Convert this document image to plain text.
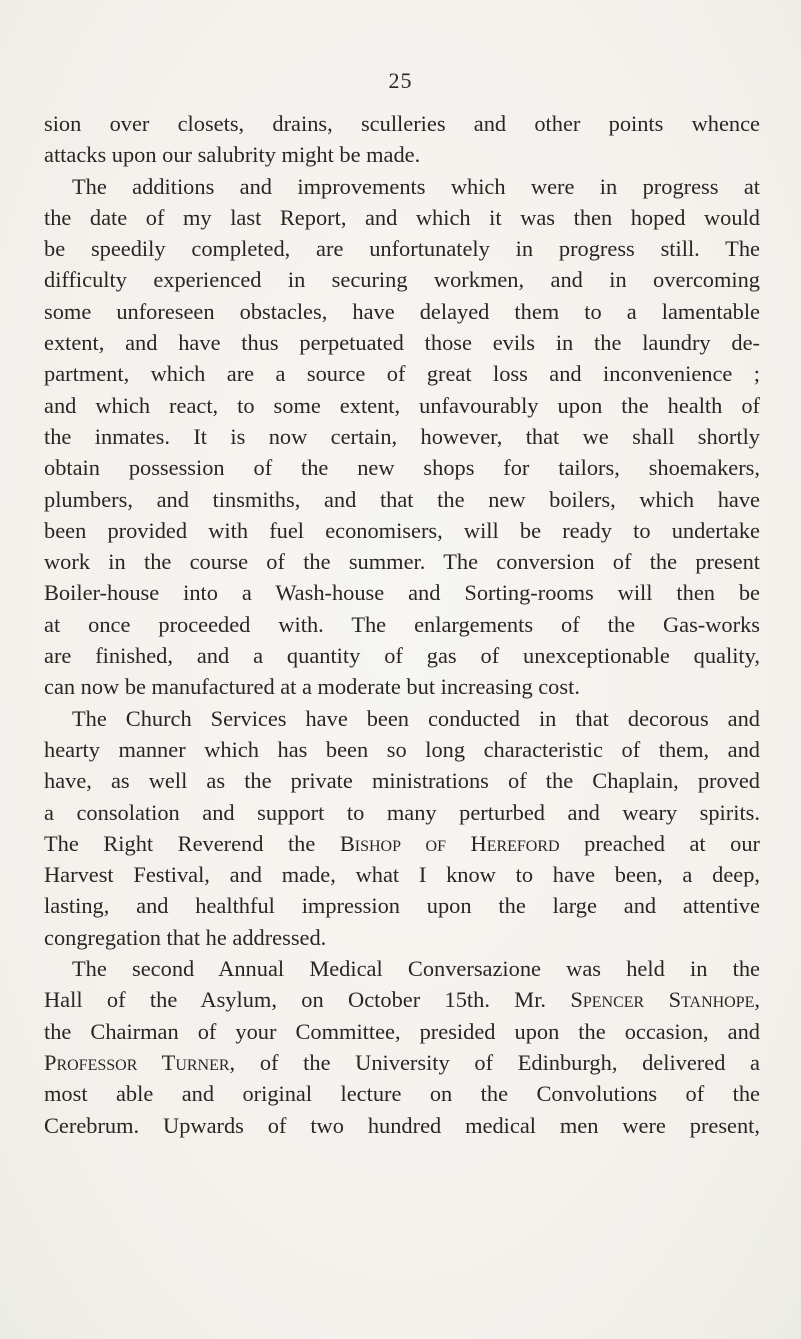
25
sion over closets, drains, sculleries and other points whence
attacks upon our salubrity might be made.
The additions and improvements which were in progress at
the date of my last Report, and which it was then hoped would
be speedily completed, are unfortunately in progress still. The
difficulty experienced in securing workmen, and in overcoming
some unforeseen obstacles, have delayed them to a lamentable
extent, and have thus perpetuated those evils in the laundry de-
partment, which are a source of great loss and inconvenience ;
and which react, to some extent, unfavourably upon the health of
the inmates. It is now certain, however, that we shall shortly
obtain possession of the new shops for tailors, shoemakers,
plumbers, and tinsmiths, and that the new boilers, which have
been provided with fuel economisers, will be ready to undertake
work in the course of the summer. The conversion of the present
Boiler-house into a Wash-house and Sorting-rooms will then be
at once proceeded with. The enlargements of the Gas-works
are finished, and a quantity of gas of unexceptionable quality,
can now be manufactured at a moderate but increasing cost.
The Church Services have been conducted in that decorous and
hearty manner which has been so long characteristic of them, and
have, as well as the private ministrations of the Chaplain, proved
a consolation and support to many perturbed and weary spirits.
The Right Reverend the Bishop of Hereford preached at our
Harvest Festival, and made, what I know to have been, a deep,
lasting, and healthful impression upon the large and attentive
congregation that he addressed.
The second Annual Medical Conversazione was held in the
Hall of the Asylum, on October 15th. Mr. Spencer Stanhope,
the Chairman of your Committee, presided upon the occasion, and
Professor Turner, of the University of Edinburgh, delivered a
most able and original lecture on the Convolutions of the
Cerebrum. Upwards of two hundred medical men were present,
